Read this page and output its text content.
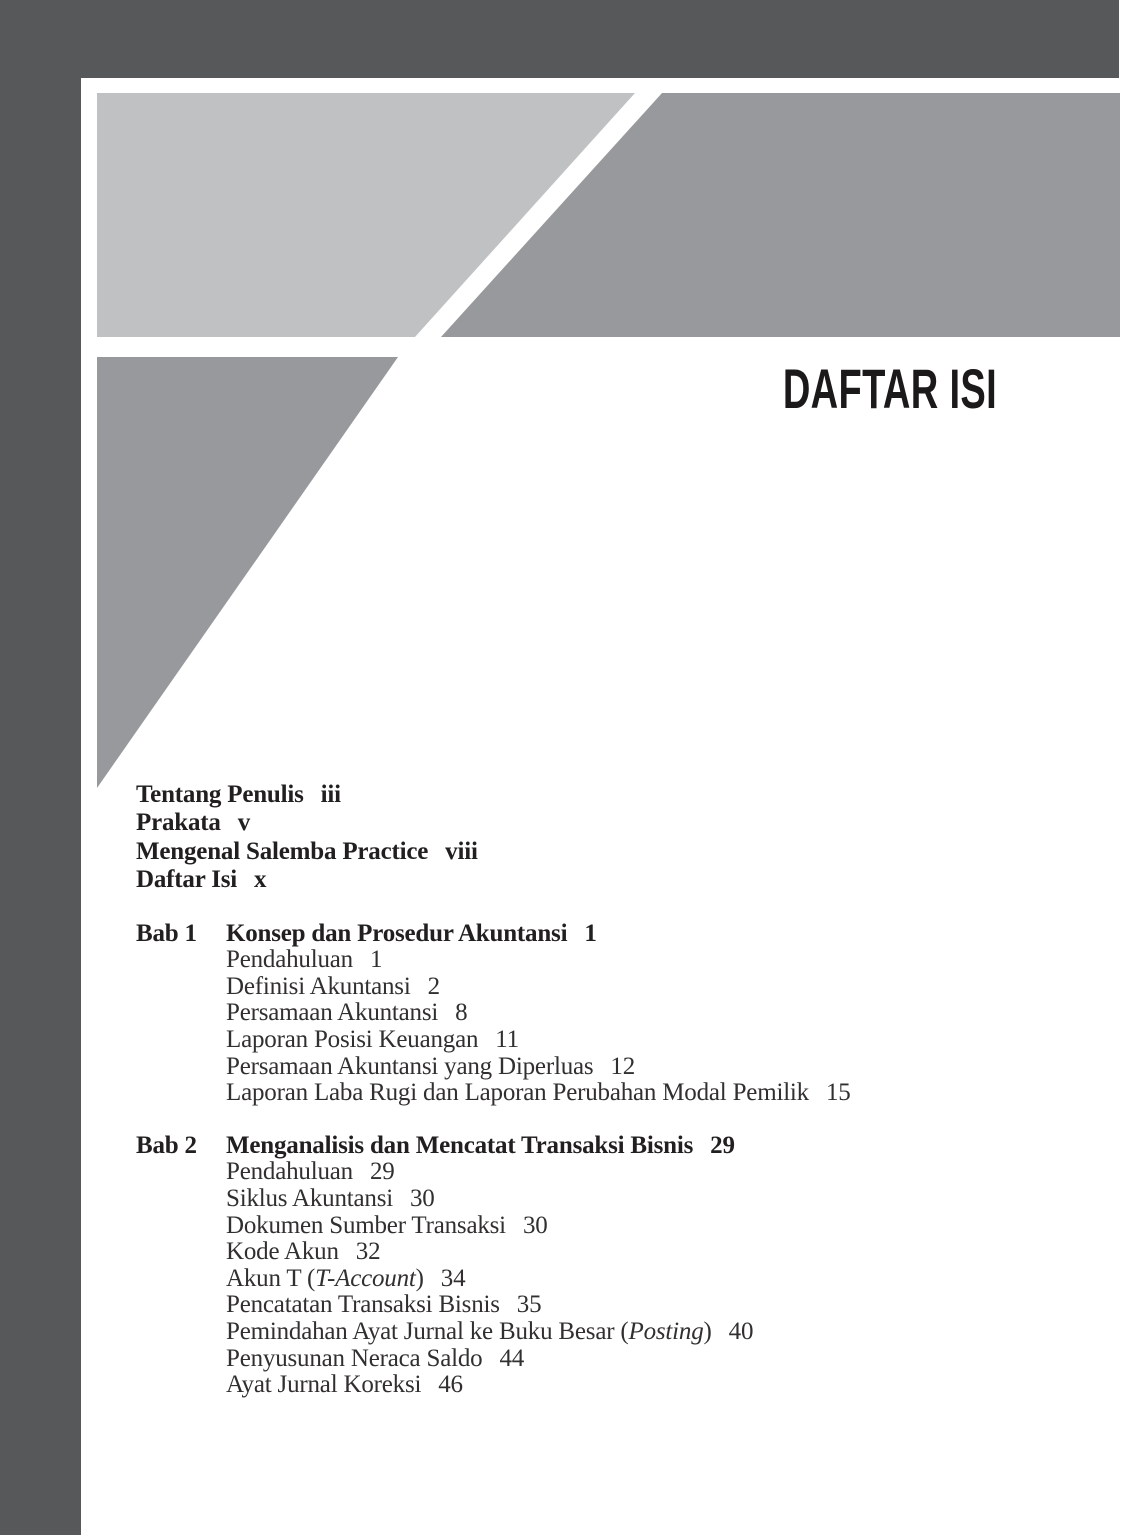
DAFTAR ISI
Tentang Penulis iii
Prakata v
Mengenal Salemba Practice viii
Daftar Isi x
Bab 1	Konsep dan Prosedur Akuntansi 1
Pendahuluan 1
Definisi Akuntansi 2
Persamaan Akuntansi 8
Laporan Posisi Keuangan 11
Persamaan Akuntansi yang Diperluas 12
Laporan Laba Rugi dan Laporan Perubahan Modal Pemilik 15
Bab 2	Menganalisis dan Mencatat Transaksi Bisnis 29
Pendahuluan 29
Siklus Akuntansi 30
Dokumen Sumber Transaksi 30
Kode Akun 32
Akun T (T-Account) 34
Pencatatan Transaksi Bisnis 35
Pemindahan Ayat Jurnal ke Buku Besar (Posting) 40
Penyusunan Neraca Saldo 44
Ayat Jurnal Koreksi 46
